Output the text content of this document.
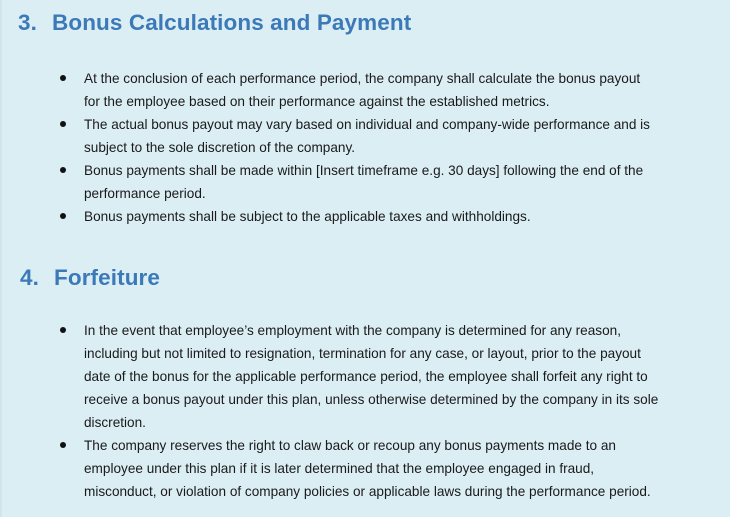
3. Bonus Calculations and Payment
At the conclusion of each performance period, the company shall calculate the bonus payout
for the employee based on their performance against the established metrics.
The actual bonus payout may vary based on individual and company-wide performance and is
subject to the sole discretion of the company.
Bonus payments shall be made within [Insert timeframe e.g. 30 days] following the end of the
performance period.
Bonus payments shall be subject to the applicable taxes and withholdings.
4. Forfeiture
In the event that employee’s employment with the company is determined for any reason,
including but not limited to resignation, termination for any case, or layout, prior to the payout
date of the bonus for the applicable performance period, the employee shall forfeit any right to
receive a bonus payout under this plan, unless otherwise determined by the company in its sole
discretion.
The company reserves the right to claw back or recoup any bonus payments made to an
employee under this plan if it is later determined that the employee engaged in fraud,
misconduct, or violation of company policies or applicable laws during the performance period.
